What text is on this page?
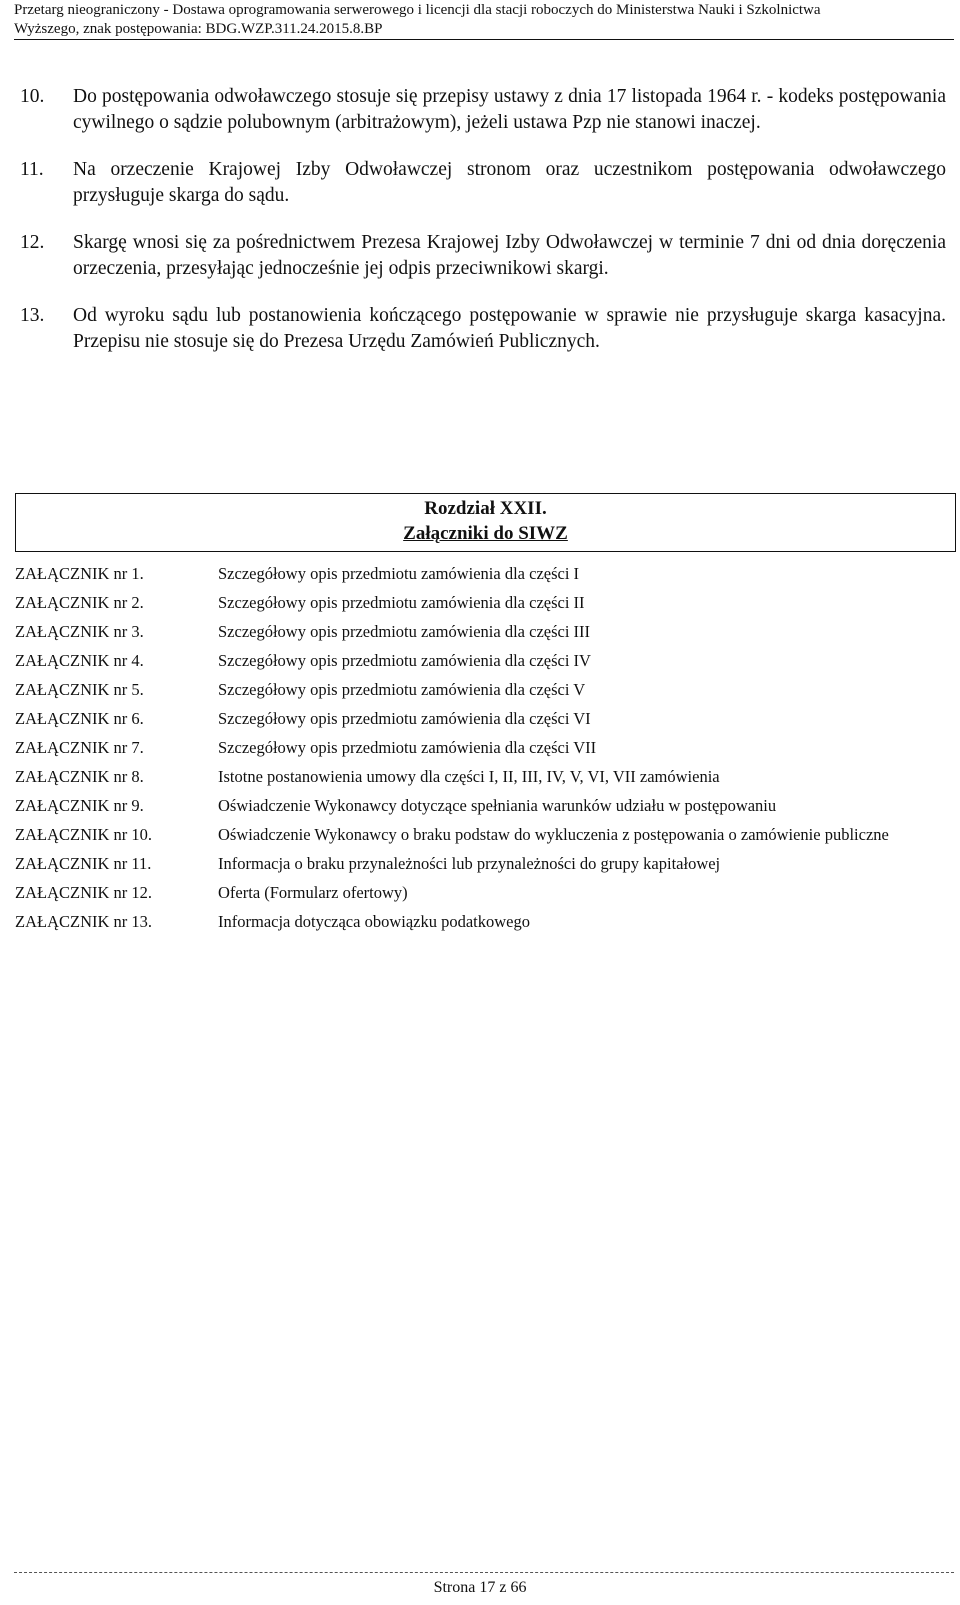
Przetarg nieograniczony - Dostawa oprogramowania serwerowego i licencji dla stacji roboczych do Ministerstwa Nauki i Szkolnictwa
Wyższego, znak postępowania: BDG.WZP.311.24.2015.8.BP
10.	Do postępowania odwoławczego stosuje się przepisy ustawy z dnia 17 listopada 1964 r. - kodeks postępowania cywilnego o sądzie polubownym (arbitrażowym), jeżeli ustawa Pzp nie stanowi inaczej.
11.	Na orzeczenie Krajowej Izby Odwoławczej stronom oraz uczestnikom postępowania odwoławczego przysługuje skarga do sądu.
12.	Skargę wnosi się za pośrednictwem Prezesa Krajowej Izby Odwoławczej w terminie 7 dni od dnia doręczenia orzeczenia, przesyłając jednocześnie jej odpis przeciwnikowi skargi.
13.	Od wyroku sądu lub postanowienia kończącego postępowanie w sprawie nie przysługuje skarga kasacyjna. Przepisu nie stosuje się do Prezesa Urzędu Zamówień Publicznych.
Rozdział XXII.
Załączniki do SIWZ
ZAŁĄCZNIK nr 1.	Szczegółowy opis przedmiotu zamówienia dla części I
ZAŁĄCZNIK nr 2.	Szczegółowy opis przedmiotu zamówienia dla części II
ZAŁĄCZNIK nr 3.	Szczegółowy opis przedmiotu zamówienia dla części III
ZAŁĄCZNIK nr 4.	Szczegółowy opis przedmiotu zamówienia dla części IV
ZAŁĄCZNIK nr 5.	Szczegółowy opis przedmiotu zamówienia dla części V
ZAŁĄCZNIK nr 6.	Szczegółowy opis przedmiotu zamówienia dla części VI
ZAŁĄCZNIK nr 7.	Szczegółowy opis przedmiotu zamówienia dla części VII
ZAŁĄCZNIK nr 8.	Istotne postanowienia umowy dla części I, II, III, IV, V, VI, VII zamówienia
ZAŁĄCZNIK nr 9.	Oświadczenie Wykonawcy dotyczące spełniania warunków udziału w postępowaniu
ZAŁĄCZNIK nr 10.	Oświadczenie Wykonawcy o braku podstaw do wykluczenia z postępowania o zamówienie publiczne
ZAŁĄCZNIK nr 11.	Informacja o braku przynależności lub przynależności do grupy kapitałowej
ZAŁĄCZNIK nr 12.	Oferta (Formularz ofertowy)
ZAŁĄCZNIK nr 13.	Informacja dotycząca obowiązku podatkowego
Strona 17 z 66
